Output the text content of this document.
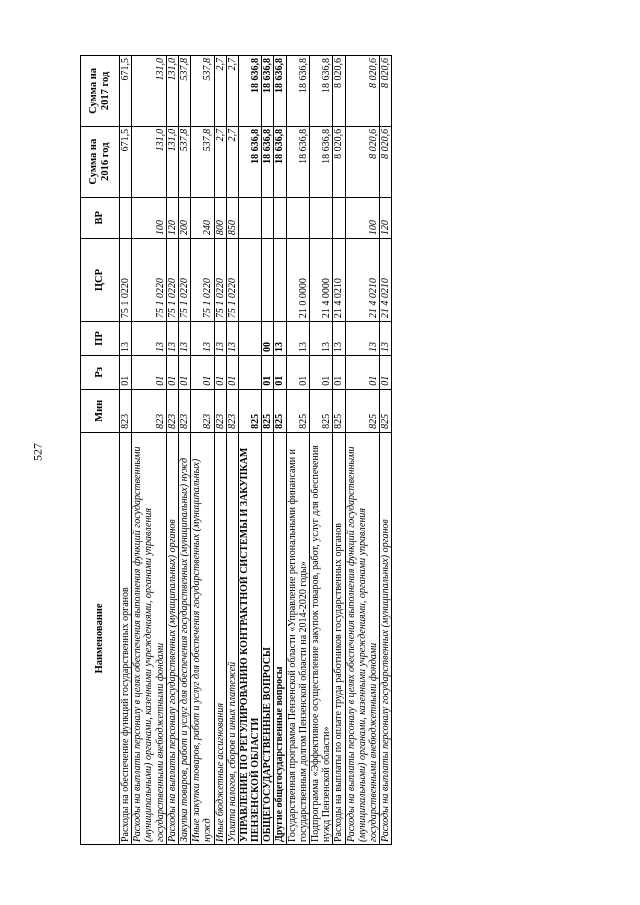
527
Наименование	Мин	Рз	ПР	ЦСР	ВР	Сумма на 2016 год	Сумма на 2017 год
Расходы на обеспечение функций государственных органов	823	01	13	75 1 0220		671,5	671,5
Расходы на выплаты персоналу в целях обеспечения выполнения функций государственными (муниципальными) органами, казенными учреждениями, органами управления государственными внебюджетными фондами	823	01	13	75 1 0220	100	131,0	131,0
Расходы на выплаты персоналу государственных (муниципальных) органов	823	01	13	75 1 0220	120	131,0	131,0
Закупка товаров, работ и услуг для обеспечения государственных (муниципальных) нужд	823	01	13	75 1 0220	200	537,8	537,8
Иные закупки товаров, работ и услуг для обеспечения государственных (муниципальных) нужд	823	01	13	75 1 0220	240	537,8	537,8
Иные бюджетные ассигнования	823	01	13	75 1 0220	800	2,7	2,7
Уплата налогов, сборов и иных платежей	823	01	13	75 1 0220	850	2,7	2,7
УПРАВЛЕНИЕ ПО РЕГУЛИРОВАНИЮ КОНТРАКТНОЙ СИСТЕМЫ И ЗАКУПКАМ ПЕНЗЕНСКОЙ ОБЛАСТИ	825					18 636,8	18 636,8
ОБЩЕГОСУДАРСТВЕННЫЕ ВОПРОСЫ	825	01	00			18 636,8	18 636,8
Другие общегосударственные вопросы	825	01	13			18 636,8	18 636,8
Государственная программа Пензенской области «Управление региональными финансами и государственным долгом Пензенской области на 2014-2020 годы»	825	01	13	21 0 0000		18 636,8	18 636,8
Подпрограмма «Эффективное осуществление закупок товаров, работ, услуг для обеспечения нужд Пензенской области»	825	01	13	21 4 0000		18 636,8	18 636,8
Расходы на выплаты по оплате труда работников государственных органов	825	01	13	21 4 0210		8 020,6	8 020,6
Расходы на выплаты персоналу в целях обеспечения выполнения функций государственными (муниципальными) органами, казенными учреждениями, органами управления государственными внебюджетными фондами	825	01	13	21 4 0210	100	8 020,6	8 020,6
Расходы на выплаты персоналу государственных (муниципальных) органов	825	01	13	21 4 0210	120	8 020,6	8 020,6
